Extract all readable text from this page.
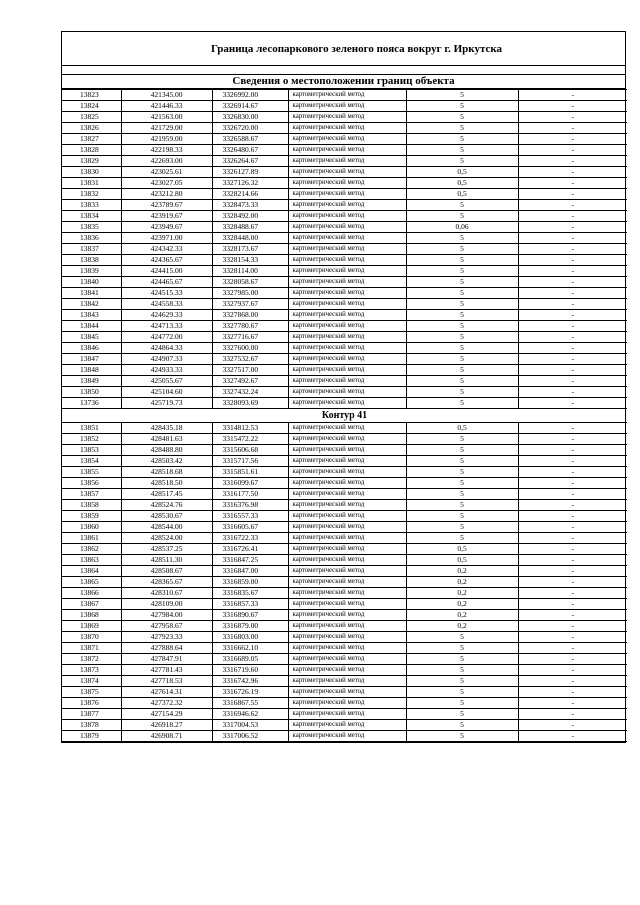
Граница лесопаркового зеленого пояса вокруг г. Иркутска
Сведения о местоположении границ объекта
13823	421345.00	3326992.00	картометрический метод	5	-
13824	421446.33	3326914.67	картометрический метод	5	-
13825	421563.00	3326830.00	картометрический метод	5	-
13826	421729.00	3326720.00	картометрический метод	5	-
13827	421959.00	3326588.67	картометрический метод	5	-
13828	422198.33	3326480.67	картометрический метод	5	-
13829	422693.00	3326264.67	картометрический метод	5	-
13830	423025.61	3326127.89	картометрический метод	0,5	-
13831	423027.05	3327126.32	картометрический метод	0,5	-
13832	423212.80	3328214.66	картометрический метод	0,5	-
13833	423789.67	3328473.33	картометрический метод	5	-
13834	423919.67	3328492.00	картометрический метод	5	-
13835	423949.67	3328488.67	картометрический метод	0,06	-
13836	423971.00	3328448.00	картометрический метод	5	-
13837	424342.33	3328173.67	картометрический метод	5	-
13838	424365.67	3328154.33	картометрический метод	5	-
13839	424415.00	3328114.00	картометрический метод	5	-
13840	424465.67	3328058.67	картометрический метод	5	-
13841	424515.33	3327985.00	картометрический метод	5	-
13842	424558.33	3327937.67	картометрический метод	5	-
13843	424629.33	3327868.00	картометрический метод	5	-
13844	424713.33	3327780.67	картометрический метод	5	-
13845	424772.00	3327716.67	картометрический метод	5	-
13846	424864.33	3327600.00	картометрический метод	5	-
13847	424907.33	3327532.67	картометрический метод	5	-
13848	424933.33	3327517.00	картометрический метод	5	-
13849	425055.67	3327492.67	картометрический метод	5	-
13850	425104.60	3327432.24	картометрический метод	5	-
13736	425719.73	3328093.69	картометрический метод	5	-
Контур 41					
13851	428435.18	3314812.53	картометрический метод	0,5	-
13852	428481.63	3315472.22	картометрический метод	5	-
13853	428488.80	3315606.68	картометрический метод	5	-
13854	428503.42	3315717.56	картометрический метод	5	-
13855	428518.68	3315851.61	картометрический метод	5	-
13856	428518.50	3316099.67	картометрический метод	5	-
13857	428517.45	3316177.50	картометрический метод	5	-
13858	428524.76	3316376.98	картометрический метод	5	-
13859	428530.67	3316557.33	картометрический метод	5	-
13860	428544.00	3316605.67	картометрический метод	5	-
13861	428524.00	3316722.33	картометрический метод	5	-
13862	428537.25	3316726.41	картометрический метод	0,5	-
13863	428511.30	3316847.25	картометрический метод	0,5	-
13864	428508.67	3316847.00	картометрический метод	0,2	-
13865	428365.67	3316859.00	картометрический метод	0,2	-
13866	428310.67	3316835.67	картометрический метод	0,2	-
13867	428109.00	3316857.33	картометрический метод	0,2	-
13868	427984.00	3316890.67	картометрический метод	0,2	-
13869	427958.67	3316879.00	картометрический метод	0,2	-
13870	427923.33	3316803.00	картометрический метод	5	-
13871	427888.64	3316662.10	картометрический метод	5	-
13872	427847.91	3316689.05	картометрический метод	5	-
13873	427781.43	3316719.60	картометрический метод	5	-
13874	427718.53	3316742.96	картометрический метод	5	-
13875	427614.31	3316726.19	картометрический метод	5	-
13876	427372.32	3316867.55	картометрический метод	5	-
13877	427154.29	3316946.62	картометрический метод	5	-
13878	426918.27	3317004.53	картометрический метод	5	-
13879	426908.71	3317006.52	картометрический метод	5	-
